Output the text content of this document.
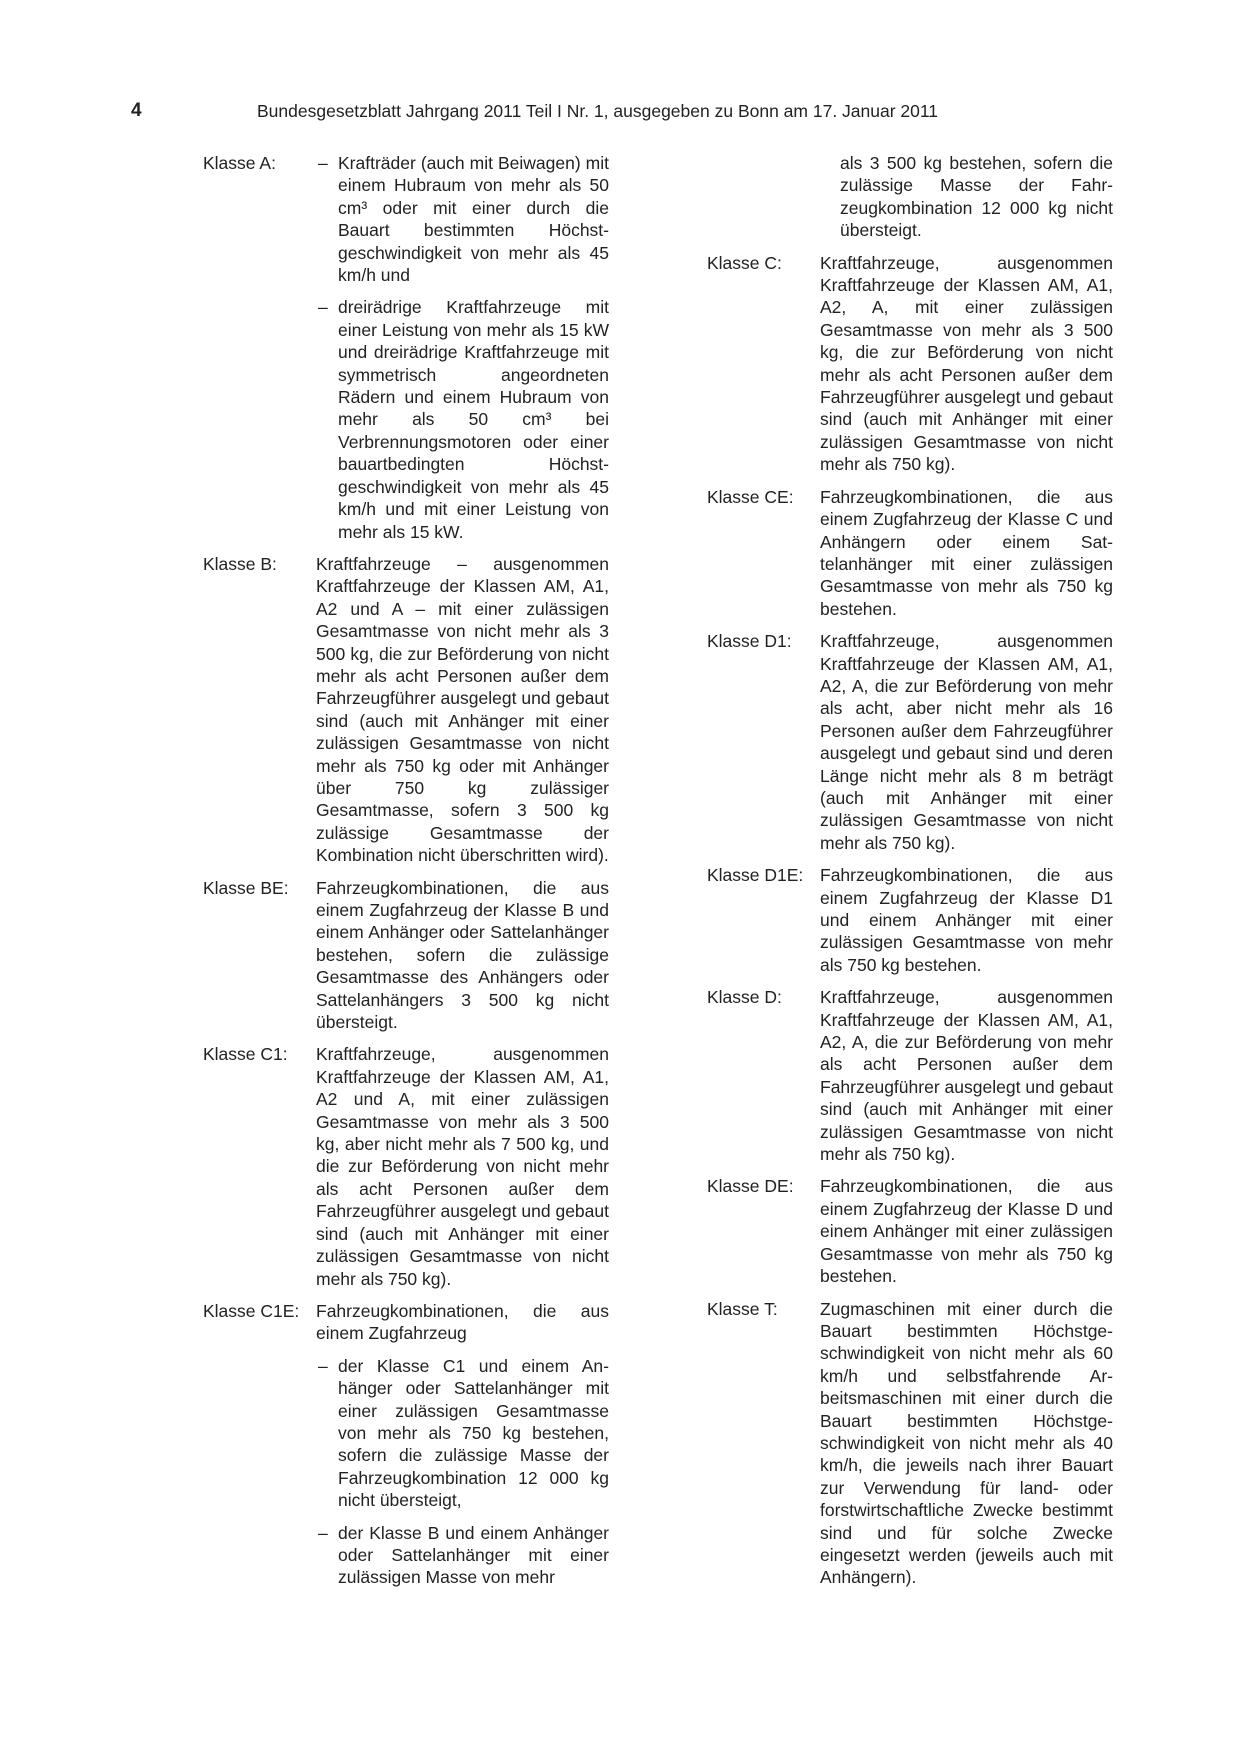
4	Bundesgesetzblatt Jahrgang 2011 Teil I Nr. 1, ausgegeben zu Bonn am 17. Januar 2011
Klasse A:	– Krafträder (auch mit Beiwagen) mit einem Hubraum von mehr als 50 cm³ oder mit einer durch die Bauart bestimmten Höchstgeschwindigkeit von mehr als 45 km/h und
– dreirädrige Kraftfahrzeuge mit einer Leistung von mehr als 15 kW und dreirädrige Kraftfahrzeuge mit symmetrisch angeordneten Rädern und einem Hubraum von mehr als 50 cm³ bei Verbrennungsmotoren oder einer bauartbedingten Höchstgeschwindigkeit von mehr als 45 km/h und mit einer Leistung von mehr als 15 kW.
Klasse B:	Kraftfahrzeuge – ausgenommen Kraftfahrzeuge der Klassen AM, A1, A2 und A – mit einer zulässigen Gesamtmasse von nicht mehr als 3 500 kg, die zur Beförderung von nicht mehr als acht Personen außer dem Fahrzeugführer ausgelegt und gebaut sind (auch mit Anhänger mit einer zulässigen Gesamtmasse von nicht mehr als 750 kg oder mit Anhänger über 750 kg zulässiger Gesamtmasse, sofern 3 500 kg zulässige Gesamtmasse der Kombination nicht überschritten wird).
Klasse BE:	Fahrzeugkombinationen, die aus einem Zugfahrzeug der Klasse B und einem Anhänger oder Sattelanhänger bestehen, sofern die zulässige Gesamtmasse des Anhängers oder Sattelanhängers 3 500 kg nicht übersteigt.
Klasse C1:	Kraftfahrzeuge, ausgenommen Kraftfahrzeuge der Klassen AM, A1, A2 und A, mit einer zulässigen Gesamtmasse von mehr als 3 500 kg, aber nicht mehr als 7 500 kg, und die zur Beförderung von nicht mehr als acht Personen außer dem Fahrzeugführer ausgelegt und gebaut sind (auch mit Anhänger mit einer zulässigen Gesamtmasse von nicht mehr als 750 kg).
Klasse C1E: Fahrzeugkombinationen, die aus einem Zugfahrzeug
– der Klasse C1 und einem Anhänger oder Sattelanhänger mit einer zulässigen Gesamtmasse von mehr als 750 kg bestehen, sofern die zulässige Masse der Fahrzeugkombination 12 000 kg nicht übersteigt,
– der Klasse B und einem Anhänger oder Sattelanhänger mit einer zulässigen Masse von mehr
als 3 500 kg bestehen, sofern die zulässige Masse der Fahrzeugkombination 12 000 kg nicht übersteigt.
Klasse C:	Kraftfahrzeuge, ausgenommen Kraftfahrzeuge der Klassen AM, A1, A2, A, mit einer zulässigen Gesamtmasse von mehr als 3 500 kg, die zur Beförderung von nicht mehr als acht Personen außer dem Fahrzeugführer ausgelegt und gebaut sind (auch mit Anhänger mit einer zulässigen Gesamtmasse von nicht mehr als 750 kg).
Klasse CE:	Fahrzeugkombinationen, die aus einem Zugfahrzeug der Klasse C und Anhängern oder einem Sattelanhänger mit einer zulässigen Gesamtmasse von mehr als 750 kg bestehen.
Klasse D1:	Kraftfahrzeuge, ausgenommen Kraftfahrzeuge der Klassen AM, A1, A2, A, die zur Beförderung von mehr als acht, aber nicht mehr als 16 Personen außer dem Fahrzeugführer ausgelegt und gebaut sind und deren Länge nicht mehr als 8 m beträgt (auch mit Anhänger mit einer zulässigen Gesamtmasse von nicht mehr als 750 kg).
Klasse D1E: Fahrzeugkombinationen, die aus einem Zugfahrzeug der Klasse D1 und einem Anhänger mit einer zulässigen Gesamtmasse von mehr als 750 kg bestehen.
Klasse D:	Kraftfahrzeuge, ausgenommen Kraftfahrzeuge der Klassen AM, A1, A2, A, die zur Beförderung von mehr als acht Personen außer dem Fahrzeugführer ausgelegt und gebaut sind (auch mit Anhänger mit einer zulässigen Gesamtmasse von nicht mehr als 750 kg).
Klasse DE:	Fahrzeugkombinationen, die aus einem Zugfahrzeug der Klasse D und einem Anhänger mit einer zulässigen Gesamtmasse von mehr als 750 kg bestehen.
Klasse T:	Zugmaschinen mit einer durch die Bauart bestimmten Höchstgeschwindigkeit von nicht mehr als 60 km/h und selbstfahrende Arbeitsmaschinen mit einer durch die Bauart bestimmten Höchstgeschwindigkeit von nicht mehr als 40 km/h, die jeweils nach ihrer Bauart zur Verwendung für land- oder forstwirtschaftliche Zwecke bestimmt sind und für solche Zwecke eingesetzt werden (jeweils auch mit Anhängern).
